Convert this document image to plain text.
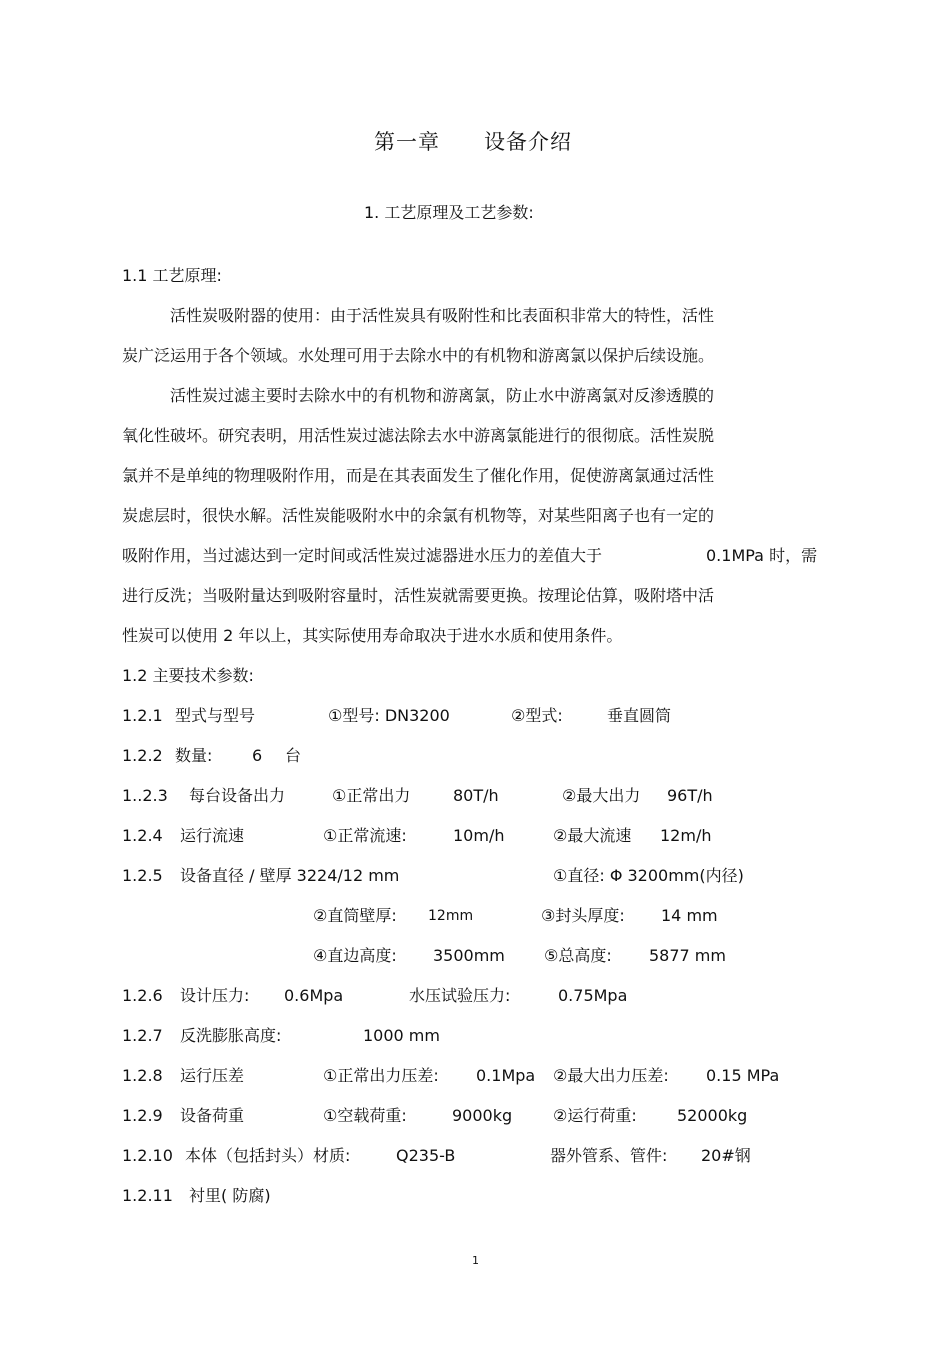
第一章　　设备介绍
1. 工艺原理及工艺参数:
1.1 工艺原理:
活性炭吸附器的使用：由于活性炭具有吸附性和比表面积非常大的特性，活性
炭广泛运用于各个领域。水处理可用于去除水中的有机物和游离氯以保护后续设施。
活性炭过滤主要时去除水中的有机物和游离氯，防止水中游离氯对反渗透膜的
氧化性破坏。研究表明，用活性炭过滤法除去水中游离氯能进行的很彻底。活性炭脱
氯并不是单纯的物理吸附作用，而是在其表面发生了催化作用，促使游离氯通过活性
炭虑层时，很快水解。活性炭能吸附水中的余氯有机物等，对某些阳离子也有一定的
吸附作用，当过滤达到一定时间或活性炭过滤器进水压力的差值大于	0.1MPa 时，需
进行反洗；当吸附量达到吸附容量时，活性炭就需要更换。按理论估算，吸附塔中活
性炭可以使用 2 年以上，其实际使用寿命取决于进水水质和使用条件。
1.2 主要技术参数:
1.2.1 型式与型号	①型号: DN3200	②型式:	垂直圆筒
1.2.2 数量: 6 台
1..2.3 每台设备出力	①正常出力	80T/h	②最大出力 96T/h
1.2.4 运行流速	①正常流速:	10m/h	②最大流速 12m/h
1.2.5 设备直径 / 壁厚 3224/12 mm	①直径: Φ 3200mm(内径)
②直筒壁厚: 12mm	③封头厚度: 14 mm
④直边高度: 3500mm ⑤总高度: 5877 mm
1.2.6 设计压力: 0.6Mpa	水压试验压力:	0.75Mpa
1.2.7 反洗膨胀高度:	1000 mm
1.2.8 运行压差	①正常出力压差: 0.1Mpa ②最大出力压差: 0.15 MPa
1.2.9 设备荷重	①空载荷重:	9000kg	②运行荷重:	52000kg
1.2.10 本体（包括封头）材质:	Q235-B	器外管系、管件: 20#钢
1.2.11 衬里( 防腐)
1
